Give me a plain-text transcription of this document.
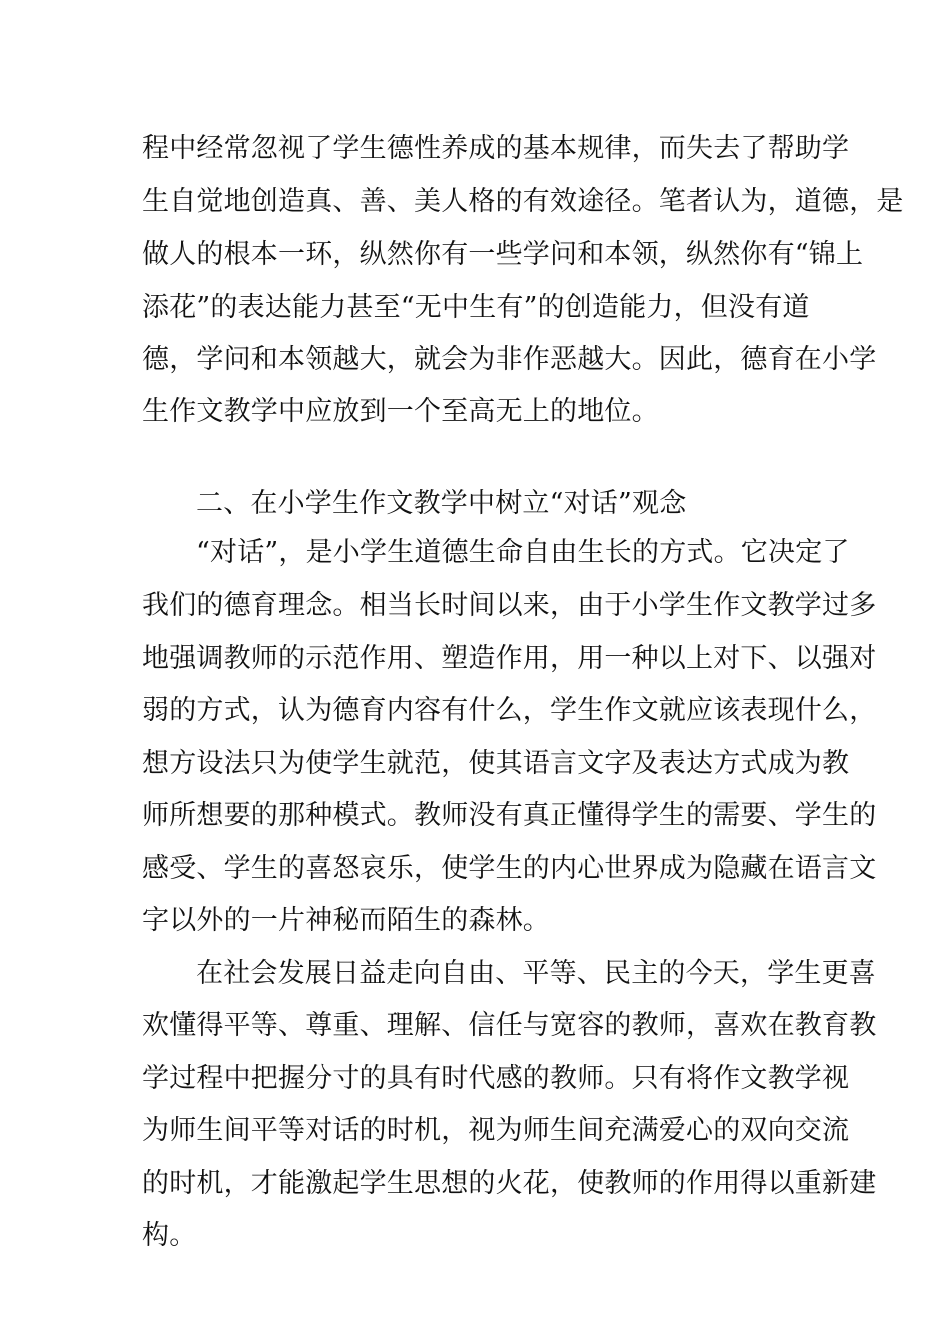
程中经常忽视了学生德性养成的基本规律，而失去了帮助学
生自觉地创造真、善、美人格的有效途径。笔者认为，道德，是
做人的根本一环，纵然你有一些学问和本领，纵然你有“锦上
添花”的表达能力甚至“无中生有”的创造能力，但没有道
德，学问和本领越大，就会为非作恶越大。因此，德育在小学
生作文教学中应放到一个至高无上的地位。
二、在小学生作文教学中树立“对话”观念
“对话”，是小学生道德生命自由生长的方式。它决定了
我们的德育理念。相当长时间以来，由于小学生作文教学过多
地强调教师的示范作用、塑造作用，用一种以上对下、以强对
弱的方式，认为德育内容有什么，学生作文就应该表现什么，
想方设法只为使学生就范，使其语言文字及表达方式成为教
师所想要的那种模式。教师没有真正懂得学生的需要、学生的
感受、学生的喜怒哀乐，使学生的内心世界成为隐藏在语言文
字以外的一片神秘而陌生的森林。
在社会发展日益走向自由、平等、民主的今天，学生更喜
欢懂得平等、尊重、理解、信任与宽容的教师，喜欢在教育教
学过程中把握分寸的具有时代感的教师。只有将作文教学视
为师生间平等对话的时机，视为师生间充满爱心的双向交流
的时机，才能激起学生思想的火花，使教师的作用得以重新建
构。
